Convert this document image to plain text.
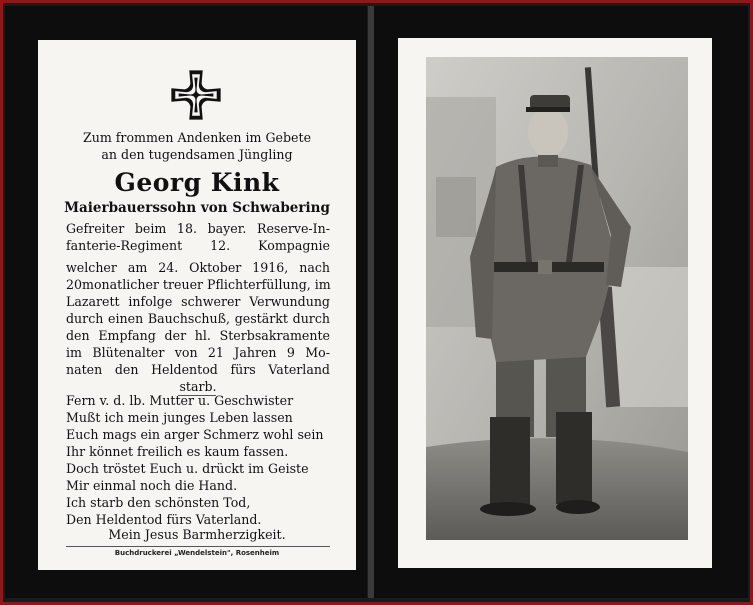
Zum frommen Andenken im Gebete
an den tugendsamen Jüngling
Georg Kink
Maierbauerssohn von Schwabering
Gefreiter beim 18. bayer. Reserve-In-
fanterie-Regiment 12. Kompagnie
welcher am 24. Oktober 1916, nach
20monatlicher treuer Pflichterfüllung, im
Lazarett infolge schwerer Verwundung
durch einen Bauchschuß, gestärkt durch
den Empfang der hl. Sterbsakramente
im Blütenalter von 21 Jahren 9 Mo-
naten den Heldentod fürs Vaterland
starb.
Fern v. d. lb. Mutter u. Geschwister
Mußt ich mein junges Leben lassen
Euch mags ein arger Schmerz wohl sein
Ihr könnet freilich es kaum fassen.
Doch tröstet Euch u. drückt im Geiste
Mir einmal noch die Hand.
Ich starb den schönsten Tod,
Den Heldentod fürs Vaterland.
Mein Jesus Barmherzigkeit.
Buchdruckerei „Wendelstein", Rosenheim
